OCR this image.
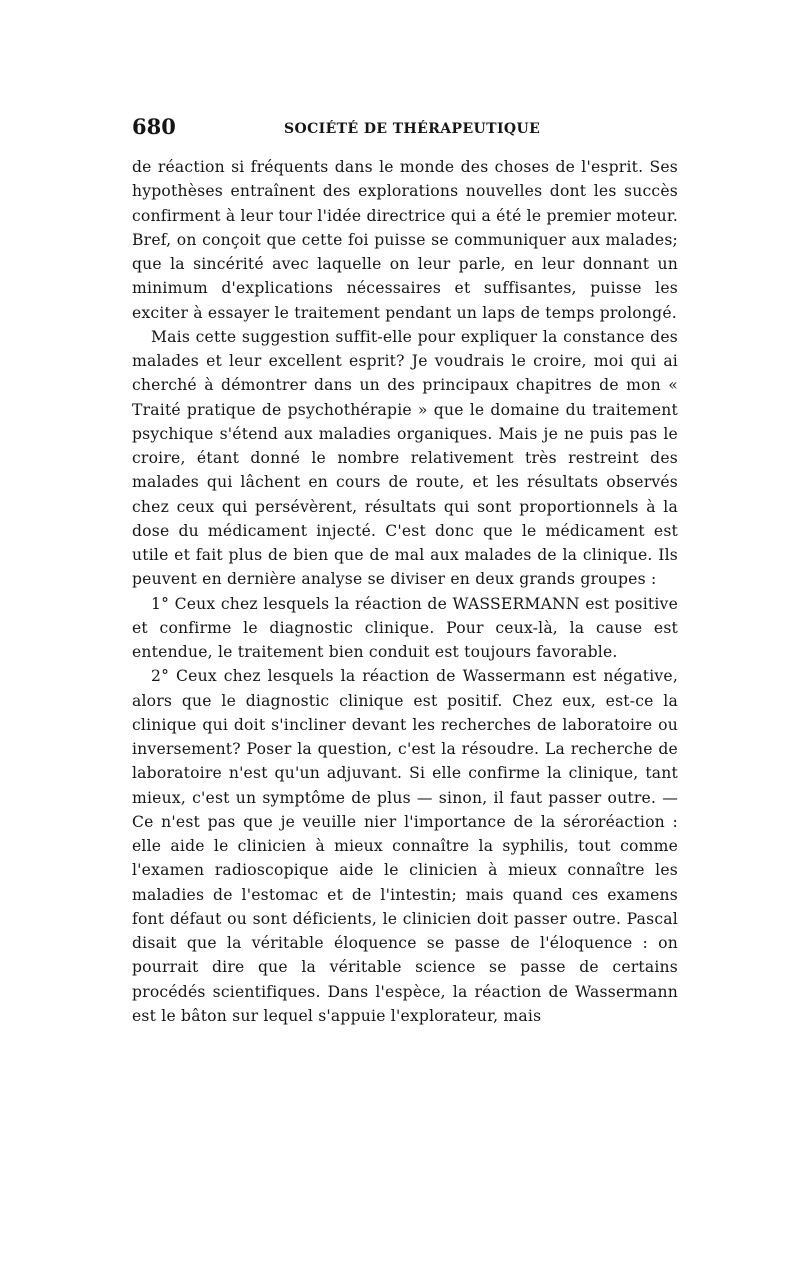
680	SOCIÉTÉ DE THÉRAPEUTIQUE

de réaction si fréquents dans le monde des choses de l'esprit. Ses hypothèses entraînent des explorations nouvelles dont les succès confirment à leur tour l'idée directrice qui a été le premier moteur. Bref, on conçoit que cette foi puisse se communiquer aux malades; que la sincérité avec laquelle on leur parle, en leur donnant un minimum d'explications nécessaires et suffisantes, puisse les exciter à essayer le traitement pendant un laps de temps prolongé.

Mais cette suggestion suffit-elle pour expliquer la constance des malades et leur excellent esprit? Je voudrais le croire, moi qui ai cherché à démontrer dans un des principaux chapitres de mon « Traité pratique de psychothérapie » que le domaine du traitement psychique s'étend aux maladies organiques. Mais je ne puis pas le croire, étant donné le nombre relativement très restreint des malades qui lâchent en cours de route, et les résultats observés chez ceux qui persévèrent, résultats qui sont proportionnels à la dose du médicament injecté. C'est donc que le médicament est utile et fait plus de bien que de mal aux malades de la clinique. Ils peuvent en dernière analyse se diviser en deux grands groupes :

1° Ceux chez lesquels la réaction de WASSERMANN est positive et confirme le diagnostic clinique. Pour ceux-là, la cause est entendue, le traitement bien conduit est toujours favorable.

2° Ceux chez lesquels la réaction de Wassermann est négative, alors que le diagnostic clinique est positif. Chez eux, est-ce la clinique qui doit s'incliner devant les recherches de laboratoire ou inversement? Poser la question, c'est la résoudre. La recherche de laboratoire n'est qu'un adjuvant. Si elle confirme la clinique, tant mieux, c'est un symptôme de plus — sinon, il faut passer outre. — Ce n'est pas que je veuille nier l'importance de la séroréaction : elle aide le clinicien à mieux connaître la syphilis, tout comme l'examen radioscopique aide le clinicien à mieux connaître les maladies de l'estomac et de l'intestin; mais quand ces examens font défaut ou sont déficients, le clinicien doit passer outre. Pascal disait que la véritable éloquence se passe de l'éloquence : on pourrait dire que la véritable science se passe de certains procédés scientifiques. Dans l'espèce, la réaction de Wassermann est le bâton sur lequel s'appuie l'explorateur, mais
